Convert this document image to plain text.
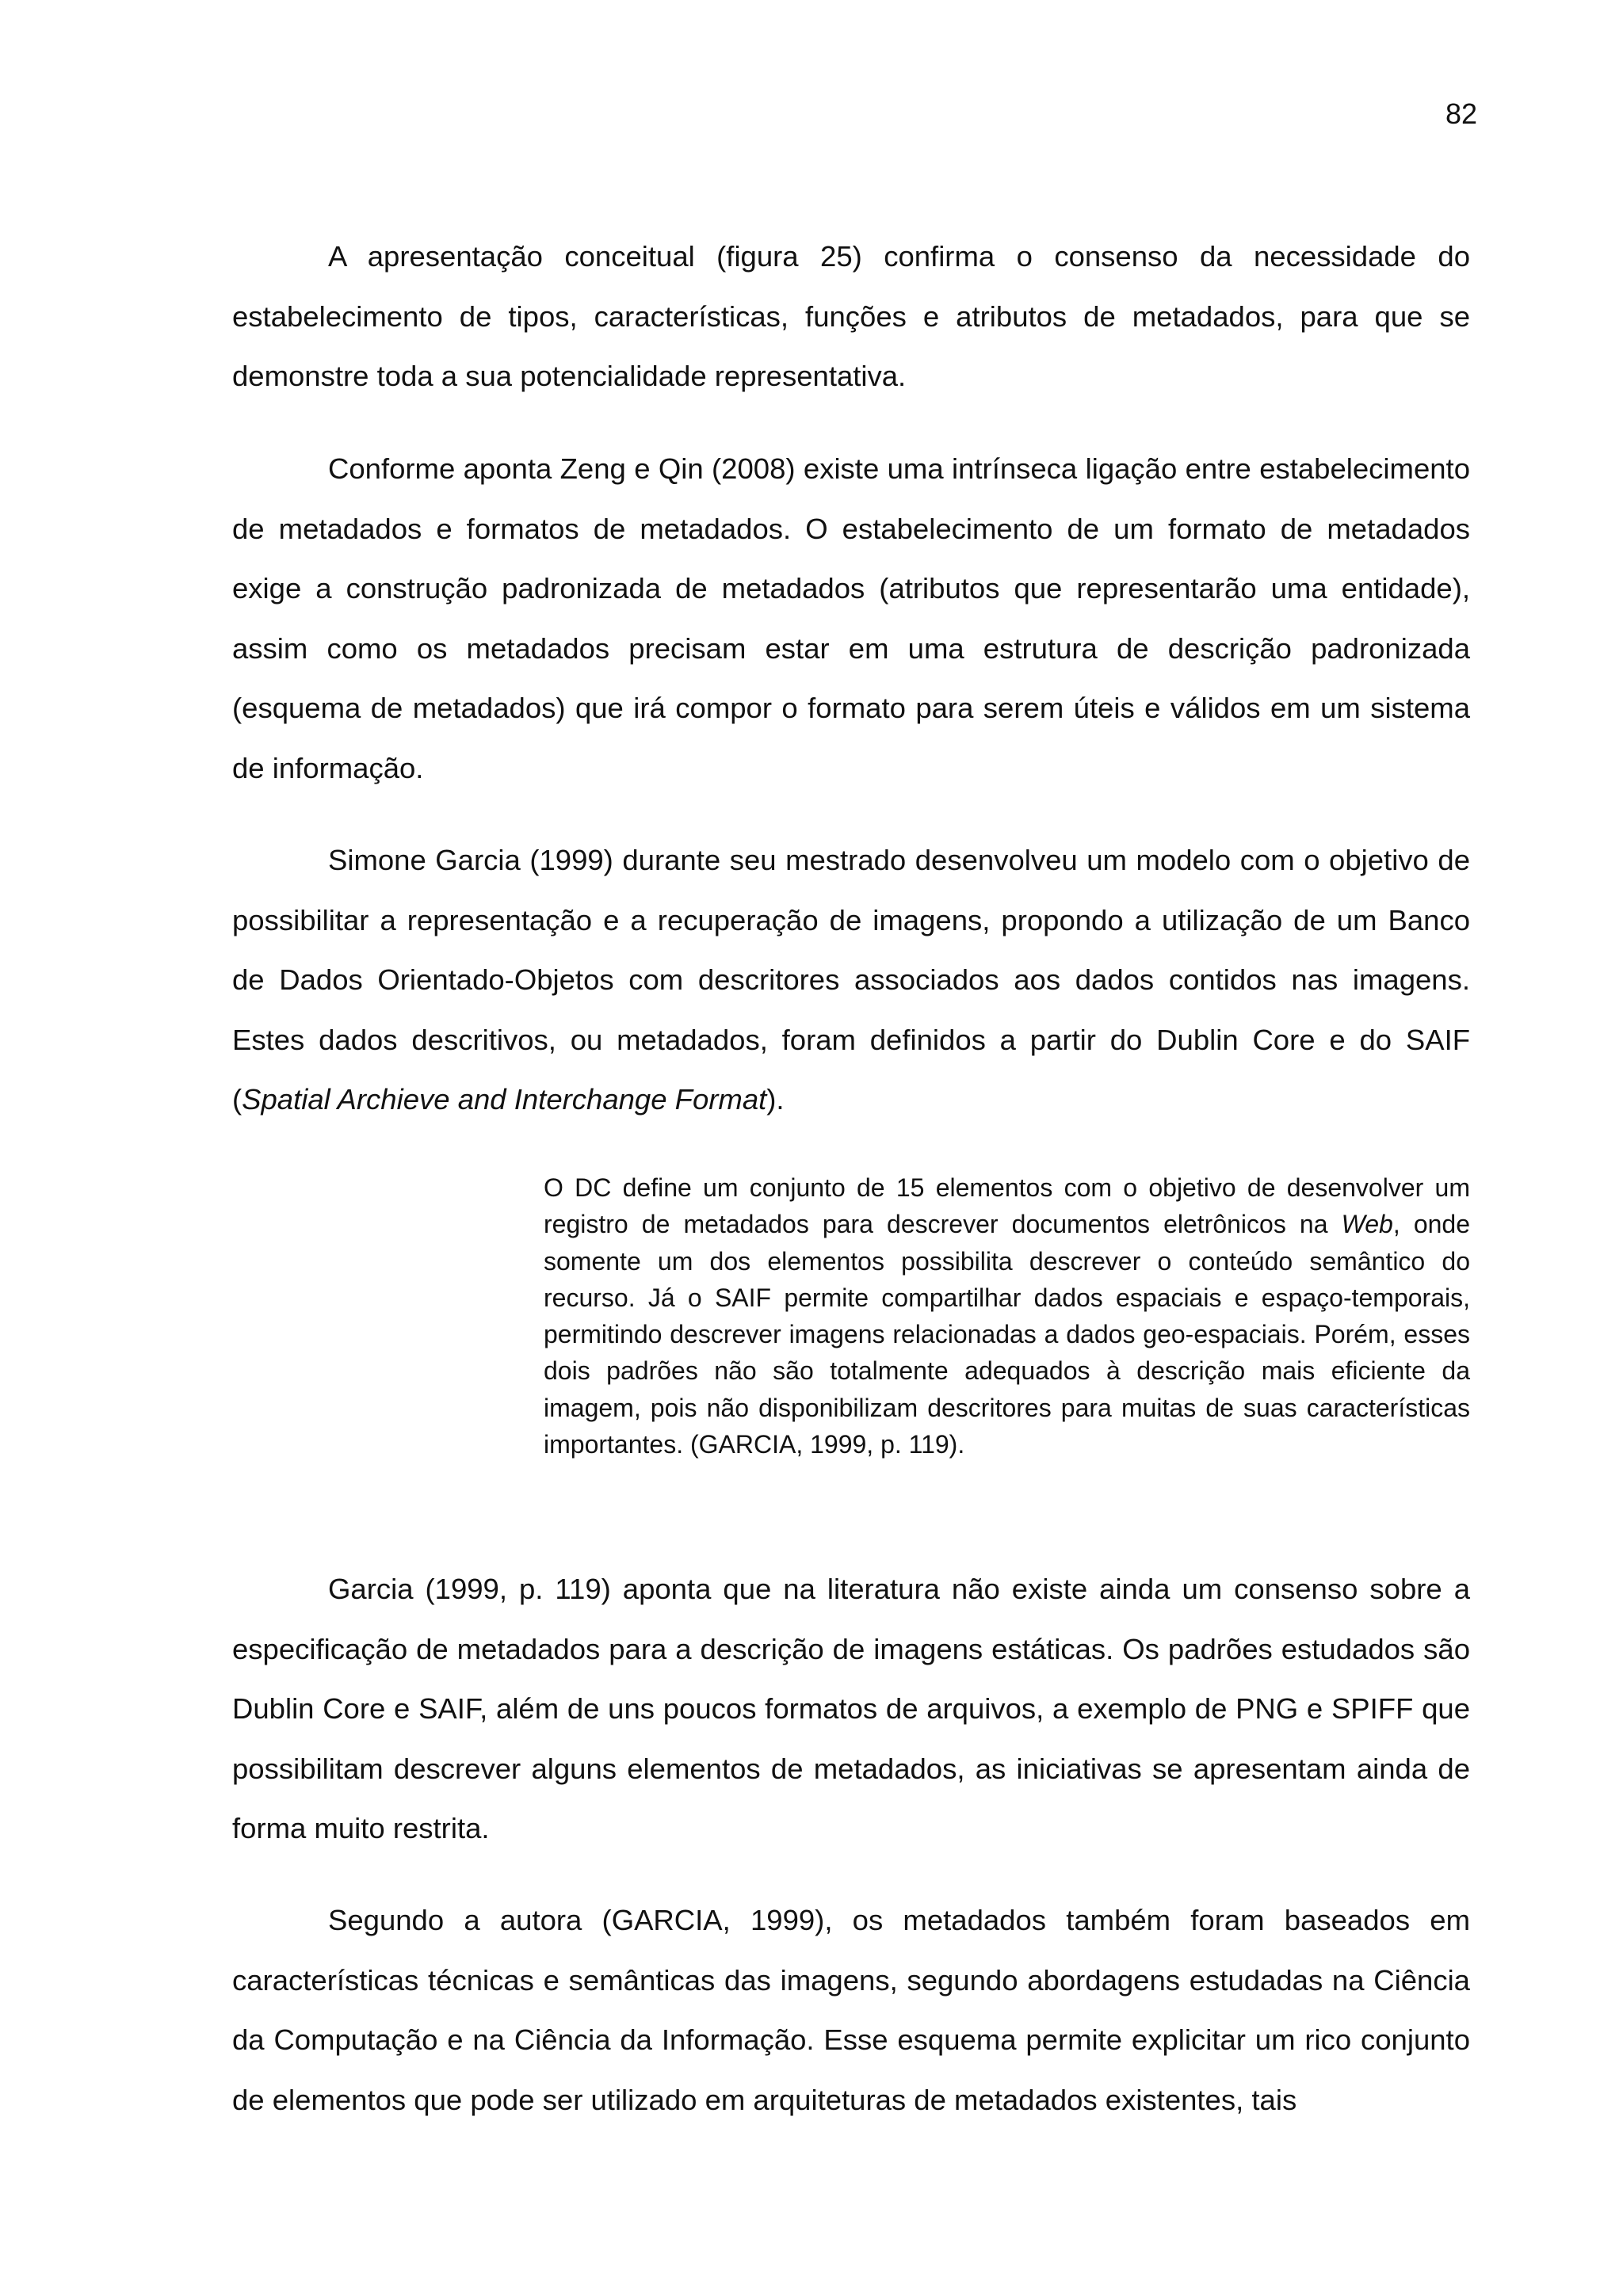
82

A apresentação conceitual (figura 25) confirma o consenso da necessidade do estabelecimento de tipos, características, funções e atributos de metadados, para que se demonstre toda a sua potencialidade representativa.

Conforme aponta Zeng e Qin (2008) existe uma intrínseca ligação entre estabelecimento de metadados e formatos de metadados. O estabelecimento de um formato de metadados exige a construção padronizada de metadados (atributos que representarão uma entidade), assim como os metadados precisam estar em uma estrutura de descrição padronizada (esquema de metadados) que irá compor o formato para serem úteis e válidos em um sistema de informação.

Simone Garcia (1999) durante seu mestrado desenvolveu um modelo com o objetivo de possibilitar a representação e a recuperação de imagens, propondo a utilização de um Banco de Dados Orientado-Objetos com descritores associados aos dados contidos nas imagens. Estes dados descritivos, ou metadados, foram definidos a partir do Dublin Core e do SAIF (Spatial Archieve and Interchange Format).

O DC define um conjunto de 15 elementos com o objetivo de desenvolver um registro de metadados para descrever documentos eletrônicos na Web, onde somente um dos elementos possibilita descrever o conteúdo semântico do recurso. Já o SAIF permite compartilhar dados espaciais e espaço-temporais, permitindo descrever imagens relacionadas a dados geo-espaciais. Porém, esses dois padrões não são totalmente adequados à descrição mais eficiente da imagem, pois não disponibilizam descritores para muitas de suas características importantes. (GARCIA, 1999, p. 119).

Garcia (1999, p. 119) aponta que na literatura não existe ainda um consenso sobre a especificação de metadados para a descrição de imagens estáticas. Os padrões estudados são Dublin Core e SAIF, além de uns poucos formatos de arquivos, a exemplo de PNG e SPIFF que possibilitam descrever alguns elementos de metadados, as iniciativas se apresentam ainda de forma muito restrita.

Segundo a autora (GARCIA, 1999), os metadados também foram baseados em características técnicas e semânticas das imagens, segundo abordagens estudadas na Ciência da Computação e na Ciência da Informação. Esse esquema permite explicitar um rico conjunto de elementos que pode ser utilizado em arquiteturas de metadados existentes, tais
